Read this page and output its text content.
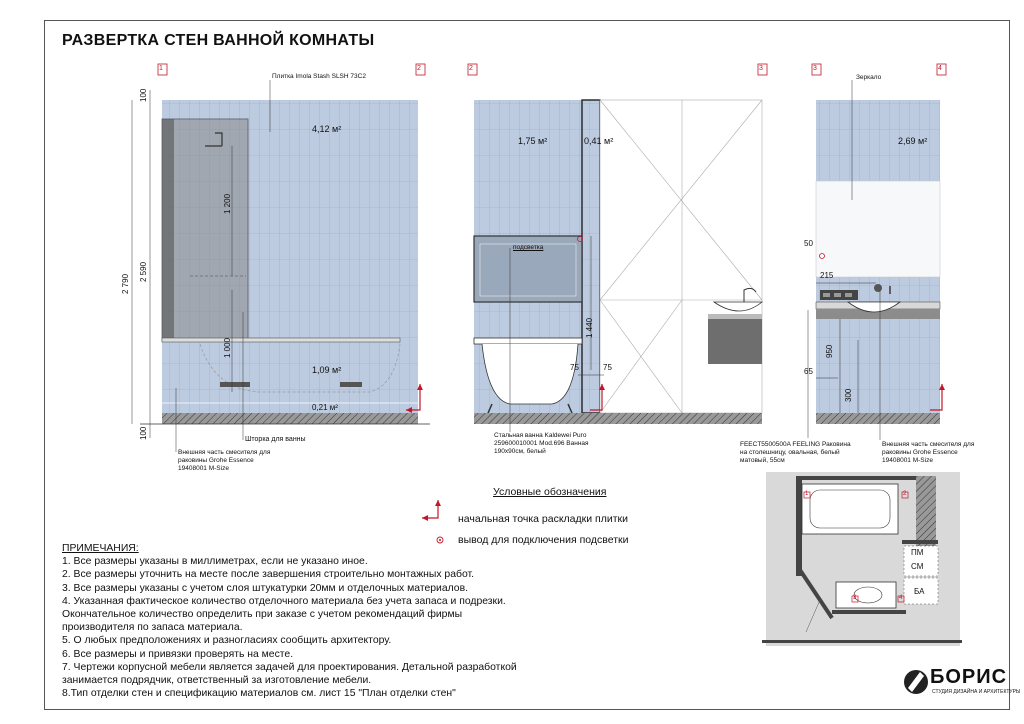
РАЗВЕРТКА СТЕН ВАННОЙ КОМНАТЫ
1	2
Плитка Imola Stash SLSH 73C2
4,12 м²
1,09 м²
0,21 м²
100
2 790
2 590
100
1 200
1 000
Шторка для ванны
Внешняя часть смесителя для
раковины Grohe Essence
19408001 M-Size
2	3
1,75 м²	0,41 м²
подсветка
1 440
75	75
Стальная ванна Kaldewei Puro
259600010001 Mod.696 Ванная
190х90см, белый
3	4
Зеркало
2,69 м²
50
215
950
65
300
FEECT5500500A FEELING Раковина
на столешницу, овальная, белый
матовый, 55см
Внешняя часть смесителя для
раковины Grohe Essence
19408001 M-Size
Условные обозначения
начальная точка раскладки плитки
вывод для подключения подсветки
ПМ
СМ
БА
1	2
3	4
ПРИМЕЧАНИЯ:
1. Все размеры указаны в миллиметрах, если не указано иное.
2. Все размеры уточнить на месте после завершения строительно монтажных работ.
3. Все размеры указаны с учетом слоя штукатурки 20мм и отделочных материалов.
4. Указанная фактическое количество отделочного материала без учета запаса и подрезки.
Окончательное количество определить при заказе с учетом рекомендаций фирмы
производителя по запаса материала.
5. О любых предположениях и разногласиях сообщить архитектору.
6. Все размеры и привязки проверять на месте.
7. Чертежи корпусной мебели является задачей для проектирования. Детальной разработкой
занимается подрядчик, ответственный за изготовление мебели.
8.Тип отделки стен и спецификацию материалов см. лист 15 "План отделки стен"
БОРИС
СТУДИЯ ДИЗАЙНА И АРХИТЕКТУРЫ
